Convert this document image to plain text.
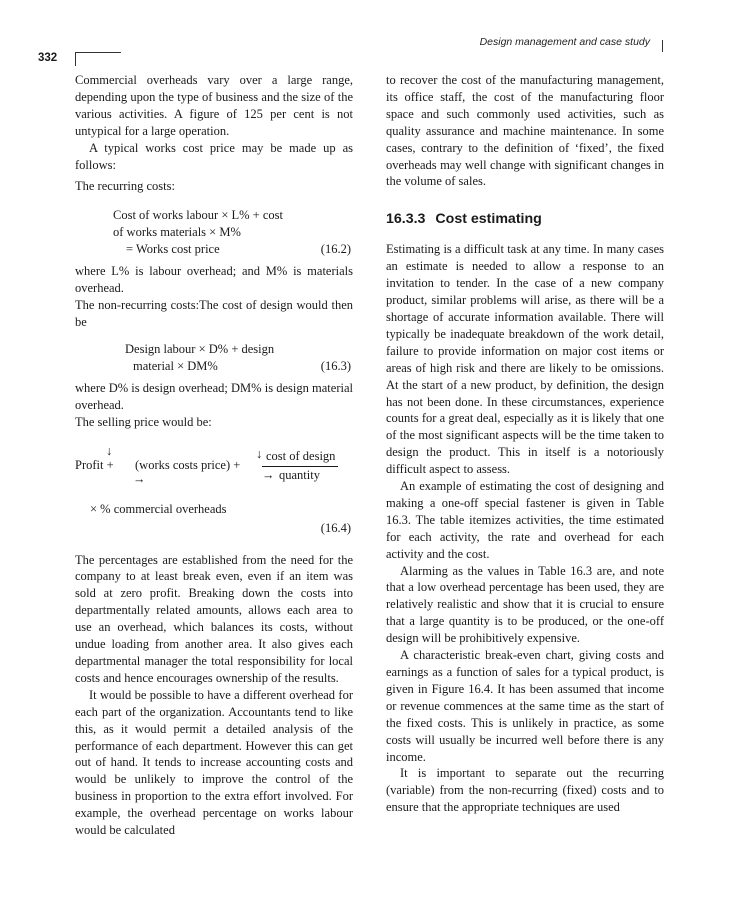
Design management and case study
332

Commercial overheads vary over a large range, depending upon the type of business and the size of the various activities. A figure of 125 per cent is not untypical for a large operation.

A typical works cost price may be made up as follows:

The recurring costs:

Cost of works labour × L% + cost
of works materials × M%
= Works cost price	(16.2)

where L% is labour overhead; and M% is materials overhead.

The non-recurring costs:The cost of design would then be

Design labour × D% + design
material × DM%	(16.3)

where D% is design overhead; DM% is design material overhead.

The selling price would be:

↓
Profit + (works costs price) +
→
↓ cost of design
→ quantity

× % commercial overheads

(16.4)

The percentages are established from the need for the company to at least break even, even if an item was sold at zero profit. Breaking down the costs into departmentally related amounts, allows each area to use an overhead, which balances its costs, without undue loading from another area. It also gives each departmental manager the total responsibility for local costs and hence encourages ownership of the results.

It would be possible to have a different overhead for each part of the organization. Accountants tend to like this, as it would permit a detailed analysis of the performance of each department. However this can get out of hand. It tends to increase accounting costs and would be unlikely to improve the control of the business in proportion to the extra effort involved. For example, the overhead percentage on works labour would be calculated

to recover the cost of the manufacturing management, its office staff, the cost of the manufacturing floor space and such commonly used activities, such as quality assurance and machine maintenance. In some cases, contrary to the definition of ‘fixed’, the fixed overheads may well change with significant changes in the volume of sales.

16.3.3 Cost estimating

Estimating is a difficult task at any time. In many cases an estimate is needed to allow a response to an invitation to tender. In the case of a new company product, similar problems will arise, as there will be a shortage of accurate information available. There will typically be inadequate breakdown of the work detail, failure to provide information on major cost items or areas of high risk and there are likely to be omissions. At the start of a new product, by definition, the design has not been done. In these circumstances, experience counts for a great deal, especially as it is likely that one of the most significant aspects will be the time taken to design the product. This in itself is a notoriously difficult aspect to assess.

An example of estimating the cost of designing and making a one-off special fastener is given in Table 16.3. The table itemizes activities, the time estimated for each activity, the rate and overhead for each activity and the cost.

Alarming as the values in Table 16.3 are, and note that a low overhead percentage has been used, they are relatively realistic and show that it is crucial to ensure that a large quantity is to be produced, or the one-off design will be prohibitively expensive.

A characteristic break-even chart, giving costs and earnings as a function of sales for a typical product, is given in Figure 16.4. It has been assumed that income or revenue commences at the same time as the start of the fixed costs. This is unlikely in practice, as some costs will usually be incurred well before there is any income.

It is important to separate out the recurring (variable) from the non-recurring (fixed) costs and to ensure that the appropriate techniques are used
